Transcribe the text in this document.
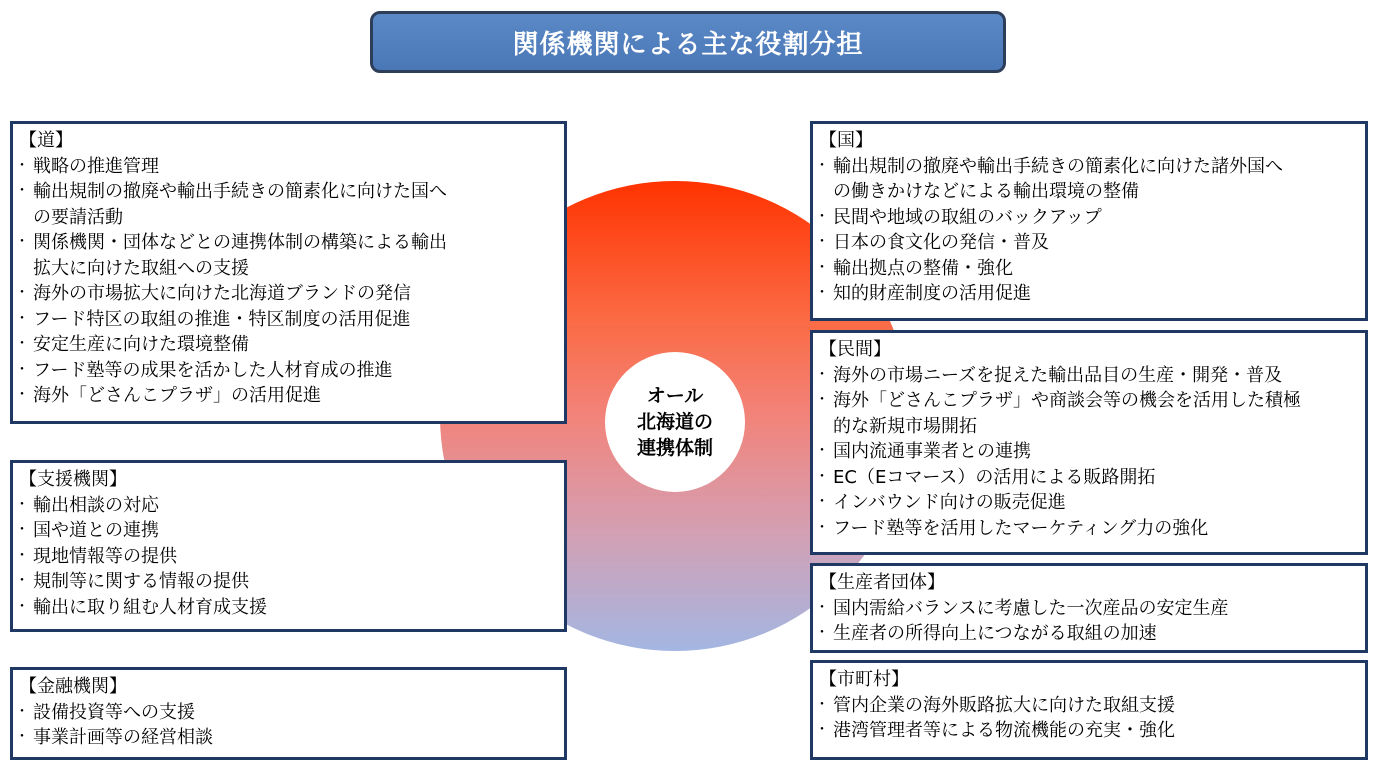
関係機関による主な役割分担
オール
北海道の
連携体制
【道】
・ 戦略の推進管理
・ 輸出規制の撤廃や輸出手続きの簡素化に向けた国へ
の要請活動
・ 関係機関・団体などとの連携体制の構築による輸出
拡大に向けた取組への支援
・ 海外の市場拡大に向けた北海道ブランドの発信
・ フード特区の取組の推進・特区制度の活用促進
・ 安定生産に向けた環境整備
・ フード塾等の成果を活かした人材育成の推進
・ 海外「どさんこプラザ」の活用促進
【支援機関】
・ 輸出相談の対応
・ 国や道との連携
・ 現地情報等の提供
・ 規制等に関する情報の提供
・ 輸出に取り組む人材育成支援
【金融機関】
・ 設備投資等への支援
・ 事業計画等の経営相談
【国】
・ 輸出規制の撤廃や輸出手続きの簡素化に向けた諸外国へ
の働きかけなどによる輸出環境の整備
・ 民間や地域の取組のバックアップ
・ 日本の食文化の発信・普及
・ 輸出拠点の整備・強化
・ 知的財産制度の活用促進
【民間】
・ 海外の市場ニーズを捉えた輸出品目の生産・開発・普及
・ 海外「どさんこプラザ」や商談会等の機会を活用した積極
的な新規市場開拓
・ 国内流通事業者との連携
・ EC（Eコマース）の活用による販路開拓
・ インバウンド向けの販売促進
・ フード塾等を活用したマーケティング力の強化
【生産者団体】
・ 国内需給バランスに考慮した一次産品の安定生産
・ 生産者の所得向上につながる取組の加速
【市町村】
・ 管内企業の海外販路拡大に向けた取組支援
・ 港湾管理者等による物流機能の充実・強化
